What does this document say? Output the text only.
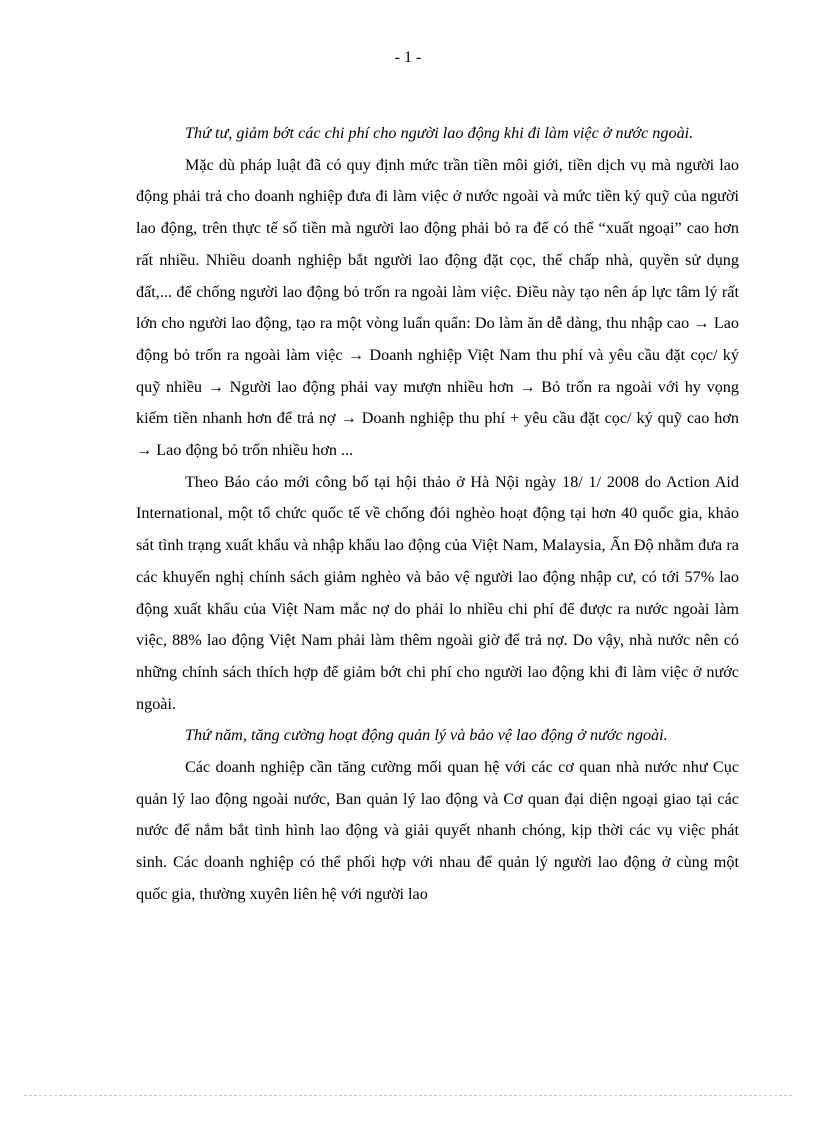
- 1 -

Thứ tư, giảm bớt các chi phí cho người lao động khi đi làm việc ở nước ngoài.

Mặc dù pháp luật đã có quy định mức trần tiền môi giới, tiền dịch vụ mà người lao động phải trả cho doanh nghiệp đưa đi làm việc ở nước ngoài và mức tiền ký quỹ của người lao động, trên thực tế số tiền mà người lao động phải bỏ ra để có thể “xuất ngoại” cao hơn rất nhiều. Nhiều doanh nghiệp bắt người lao động đặt cọc, thế chấp nhà, quyền sử dụng đất,... để chống người lao động bỏ trốn ra ngoài làm việc. Điều này tạo nên áp lực tâm lý rất lớn cho người lao động, tạo ra một vòng luẩn quẩn: Do làm ăn dễ dàng, thu nhập cao → Lao động bỏ trốn ra ngoài làm việc → Doanh nghiệp Việt Nam thu phí và yêu cầu đặt cọc/ ký quỹ nhiều → Người lao động phải vay mượn nhiều hơn → Bỏ trốn ra ngoài với hy vọng kiếm tiền nhanh hơn để trả nợ → Doanh nghiệp thu phí + yêu cầu đặt cọc/ ký quỹ cao hơn → Lao động bỏ trốn nhiều hơn ...

Theo Báo cáo mới công bố tại hội thảo ở Hà Nội ngày 18/ 1/ 2008 do Action Aid International, một tổ chức quốc tế về chống đói nghèo hoạt động tại hơn 40 quốc gia, khảo sát tình trạng xuất khẩu và nhập khẩu lao động của Việt Nam, Malaysia, Ấn Độ nhằm đưa ra các khuyến nghị chính sách giảm nghèo và bảo vệ người lao động nhập cư, có tới 57% lao động xuất khẩu của Việt Nam mắc nợ do phải lo nhiều chi phí để được ra nước ngoài làm việc, 88% lao động Việt Nam phải làm thêm ngoài giờ để trả nợ. Do vậy, nhà nước nên có những chính sách thích hợp để giảm bớt chi phí cho người lao động khi đi làm việc ở nước ngoài.

Thứ năm, tăng cường hoạt động quản lý và bảo vệ lao động ở nước ngoài.

Các doanh nghiệp cần tăng cường mối quan hệ với các cơ quan nhà nước như Cục quản lý lao động ngoài nước, Ban quản lý lao động và Cơ quan đại diện ngoại giao tại các nước để nắm bắt tình hình lao động và giải quyết nhanh chóng, kịp thời các vụ việc phát sinh. Các doanh nghiệp có thể phối hợp với nhau để quản lý người lao động ở cùng một quốc gia, thường xuyên liên hệ với người lao
